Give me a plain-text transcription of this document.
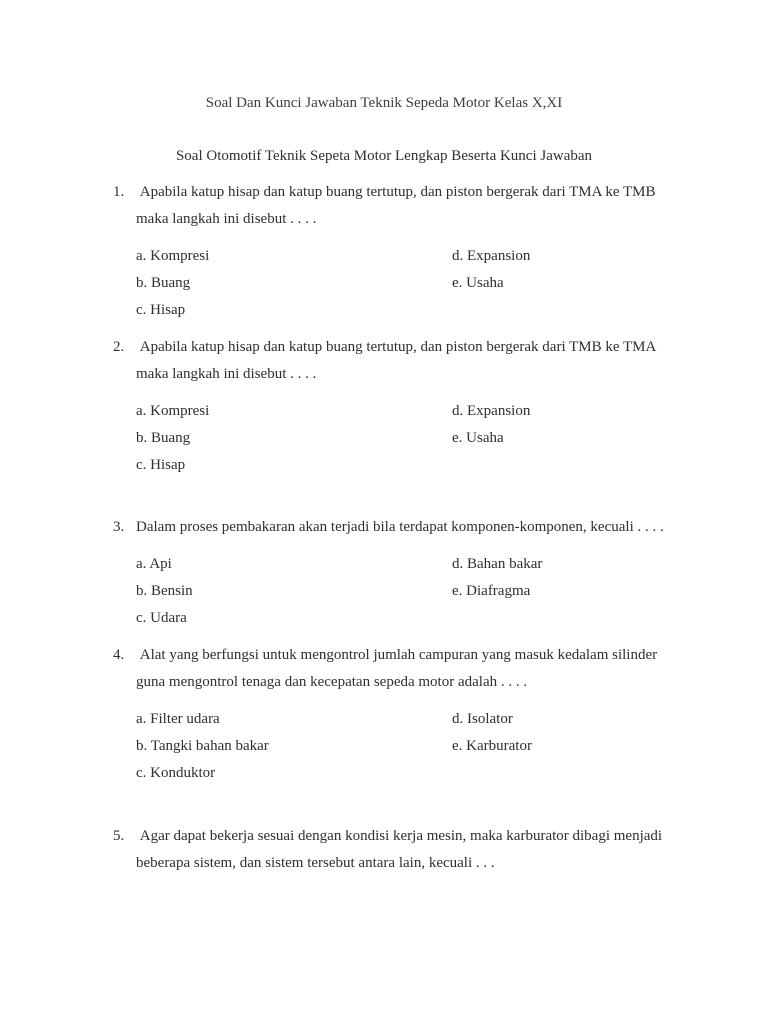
Soal Dan Kunci Jawaban Teknik Sepeda Motor Kelas X,XI
Soal Otomotif Teknik Sepeta Motor Lengkap Beserta Kunci Jawaban
1. Apabila katup hisap dan katup buang tertutup, dan piston bergerak dari TMA ke TMB maka langkah ini disebut . . . .
a. Kompresi
b. Buang
c. Hisap
d. Expansion
e. Usaha
2. Apabila katup hisap dan katup buang tertutup, dan piston bergerak dari TMB ke TMA maka langkah ini disebut . . . .
a. Kompresi
b. Buang
c. Hisap
d. Expansion
e. Usaha
3. Dalam proses pembakaran akan terjadi bila terdapat komponen-komponen, kecuali . . . .
a. Api
b. Bensin
c. Udara
d. Bahan bakar
e. Diafragma
4. Alat yang berfungsi untuk mengontrol jumlah campuran yang masuk kedalam silinder guna mengontrol tenaga dan kecepatan sepeda motor adalah . . . .
a. Filter udara
b. Tangki bahan bakar
c. Konduktor
d. Isolator
e. Karburator
5. Agar dapat bekerja sesuai dengan kondisi kerja mesin, maka karburator dibagi menjadi beberapa sistem, dan sistem tersebut antara lain, kecuali . . .
